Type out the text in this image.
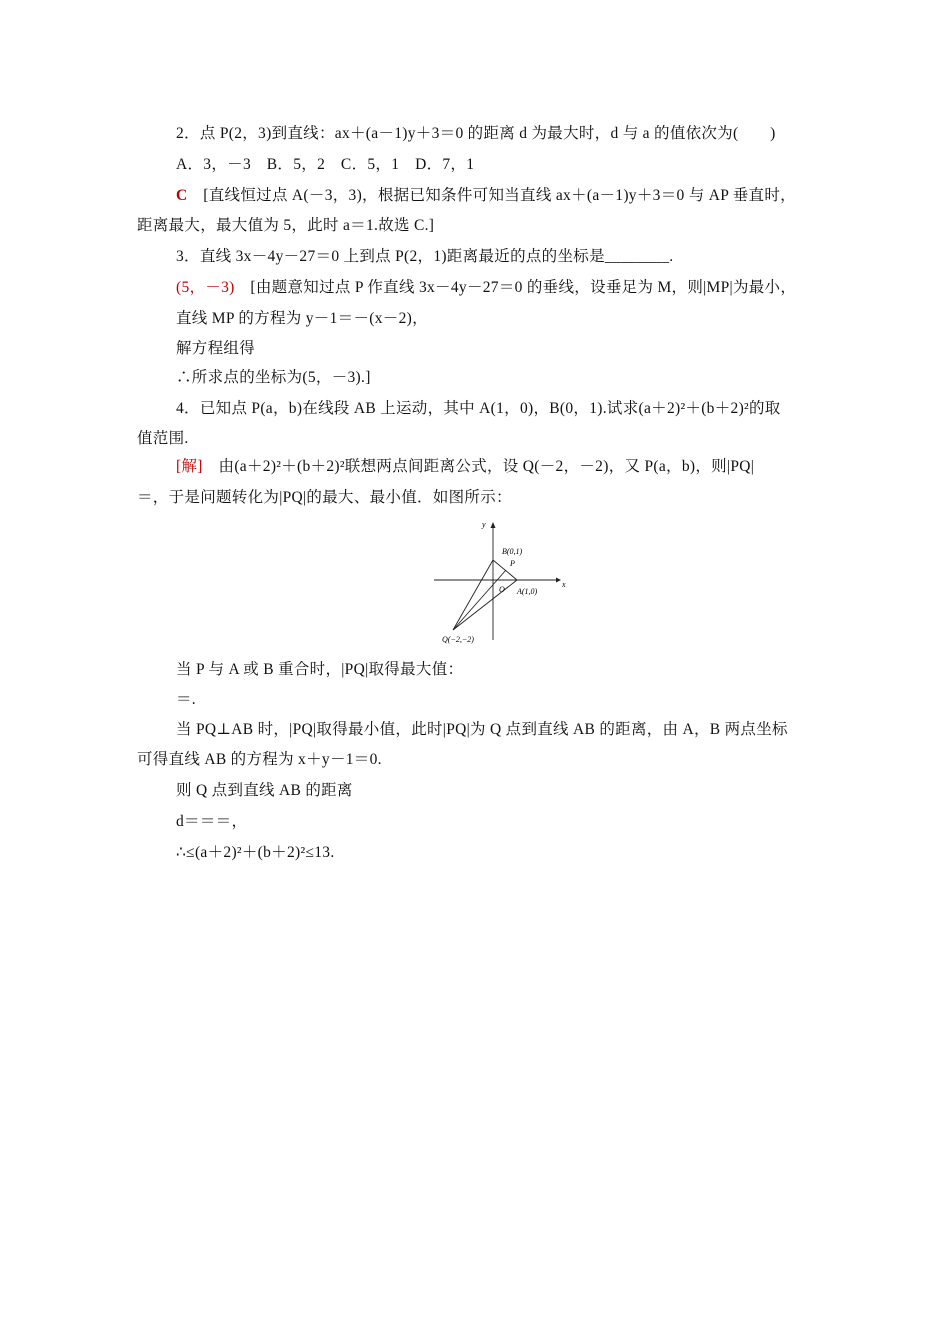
2．点 P(2，3)到直线：ax＋(a－1)y＋3＝0 的距离 d 为最大时，d 与 a 的值依次为(　　)
A．3，－3　B．5，2　C．5，1　D．7，1
C　[直线恒过点 A(－3，3)，根据已知条件可知当直线 ax＋(a－1)y＋3＝0 与 AP 垂直时，
距离最大，最大值为 5，此时 a＝1.故选 C.]
3．直线 3x－4y－27＝0 上到点 P(2，1)距离最近的点的坐标是________.
(5，－3)　[由题意知过点 P 作直线 3x－4y－27＝0 的垂线，设垂足为 M，则|MP|为最小，
直线 MP 的方程为 y－1＝－(x－2)，
解方程组得
∴所求点的坐标为(5，－3).]
4．已知点 P(a，b)在线段 AB 上运动，其中 A(1，0)，B(0，1).试求(a＋2)²＋(b＋2)²的取
值范围.
[解]　由(a＋2)²＋(b＋2)²联想两点间距离公式，设 Q(－2，－2)，又 P(a，b)，则|PQ|
＝，于是问题转化为|PQ|的最大、最小值．如图所示：
y
x
B(0,1)
P
O A(1,0)
Q(−2,−2)
当 P 与 A 或 B 重合时，|PQ|取得最大值：
＝.
当 PQ⊥AB 时，|PQ|取得最小值，此时|PQ|为 Q 点到直线 AB 的距离，由 A，B 两点坐标
可得直线 AB 的方程为 x＋y－1＝0.
则 Q 点到直线 AB 的距离
d＝＝＝，
∴≤(a＋2)²＋(b＋2)²≤13.
